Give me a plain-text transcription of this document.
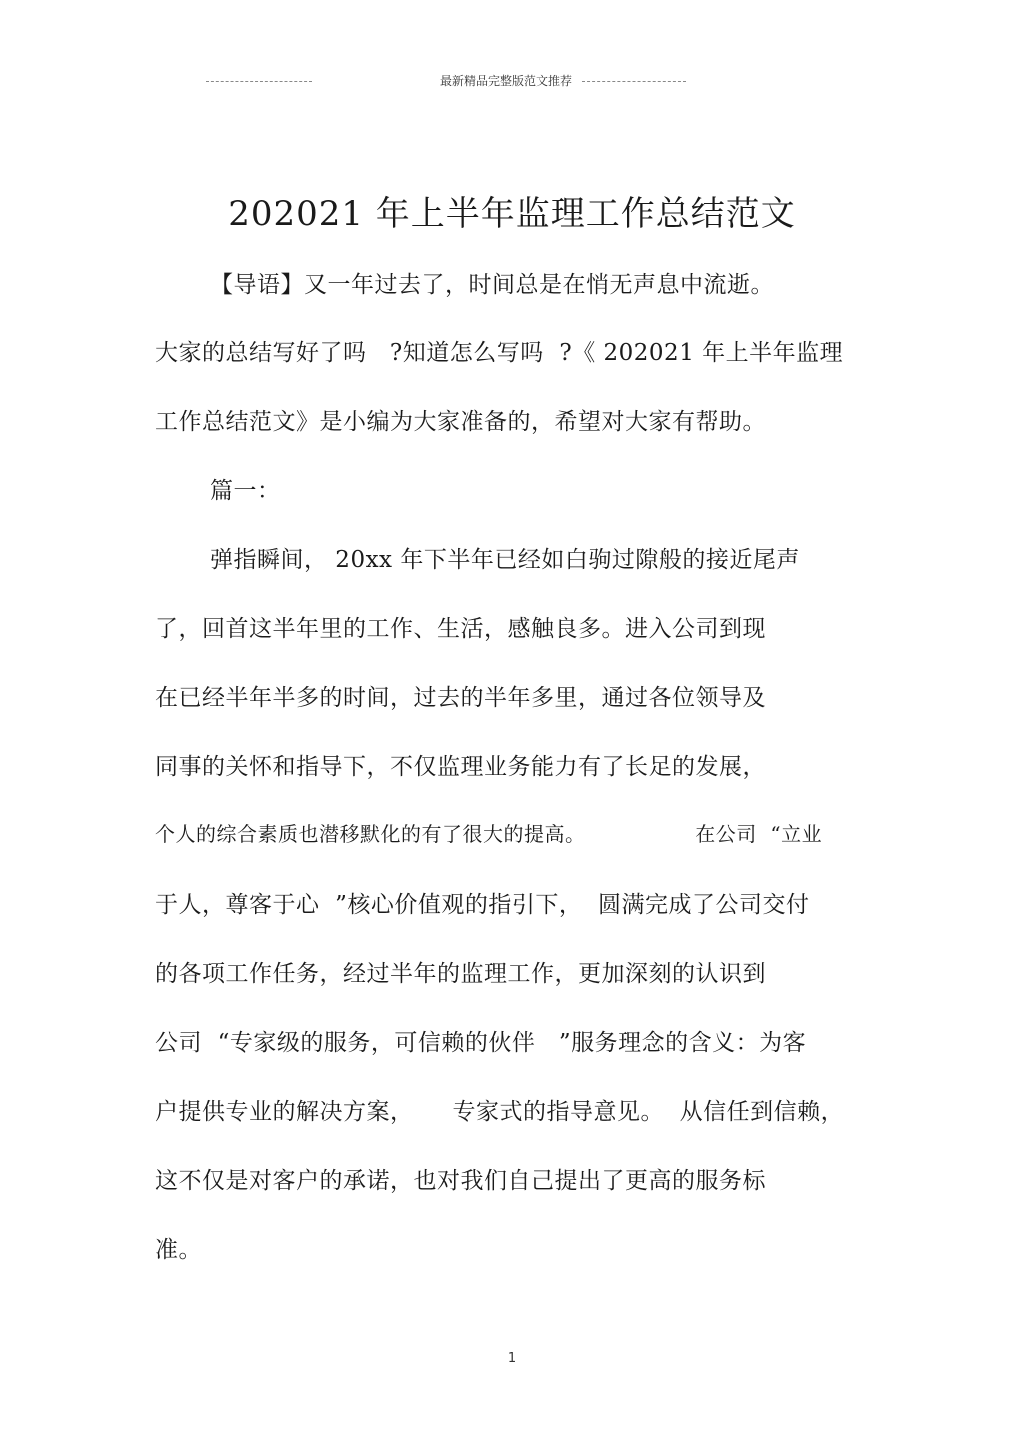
最新精品完整版范文推荐
202021 年上半年监理工作总结范文
【导语】又一年过去了，时间总是在悄无声息中流逝。
大家的总结写好了吗   ?知道怎么写吗  ?《 202021 年上半年监理
工作总结范文》是小编为大家准备的，希望对大家有帮助。
篇一：
弹指瞬间， 20xx 年下半年已经如白驹过隙般的接近尾声
了，回首这半年里的工作、生活，感触良多。进入公司到现
在已经半年半多的时间，过去的半年多里，通过各位领导及
同事的关怀和指导下，不仅监理业务能力有了长足的发展，
个人的综合素质也潜移默化的有了很大的提高。                在公司  “立业
于人，尊客于心  ”核心价值观的指引下，  圆满完成了公司交付
的各项工作任务，经过半年的监理工作，更加深刻的认识到
公司  “专家级的服务，可信赖的伙伴   ”服务理念的含义：为客
户提供专业的解决方案，     专家式的指导意见。  从信任到信赖，
这不仅是对客户的承诺，也对我们自己提出了更高的服务标
准。
1
